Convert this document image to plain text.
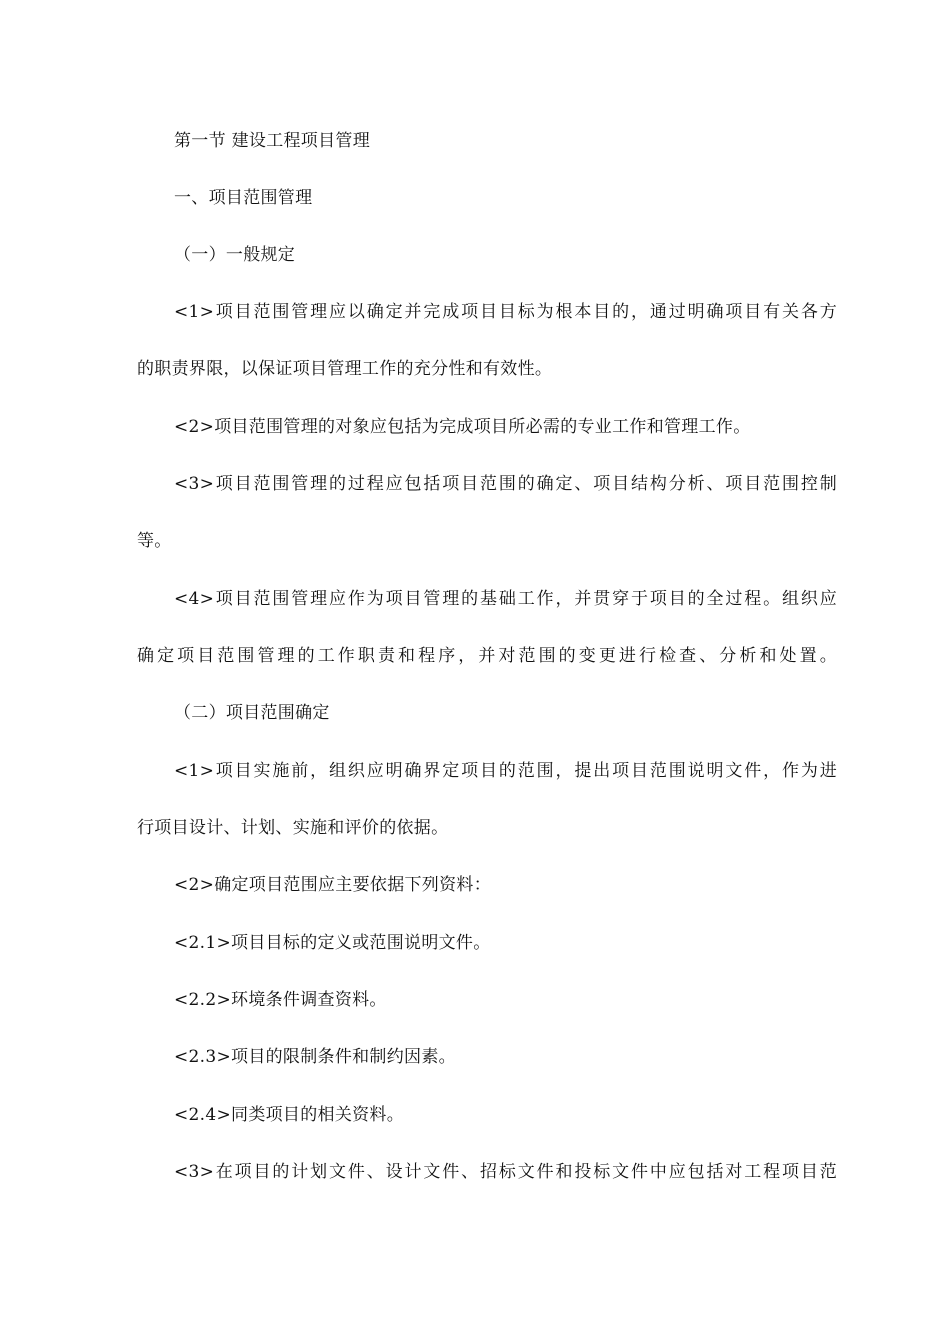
第一节 建设工程项目管理
一、项目范围管理
（一）一般规定
<1>项目范围管理应以确定并完成项目目标为根本目的，通过明确项目有关各方
的职责界限，以保证项目管理工作的充分性和有效性。
<2>项目范围管理的对象应包括为完成项目所必需的专业工作和管理工作。
<3>项目范围管理的过程应包括项目范围的确定、项目结构分析、项目范围控制
等。
<4>项目范围管理应作为项目管理的基础工作，并贯穿于项目的全过程。组织应
确定项目范围管理的工作职责和程序，并对范围的变更进行检查、分析和处置。
（二）项目范围确定
<1>项目实施前，组织应明确界定项目的范围，提出项目范围说明文件，作为进
行项目设计、计划、实施和评价的依据。
<2>确定项目范围应主要依据下列资料：
<2.1>项目目标的定义或范围说明文件。
<2.2>环境条件调查资料。
<2.3>项目的限制条件和制约因素。
<2.4>同类项目的相关资料。
<3>在项目的计划文件、设计文件、招标文件和投标文件中应包括对工程项目范
